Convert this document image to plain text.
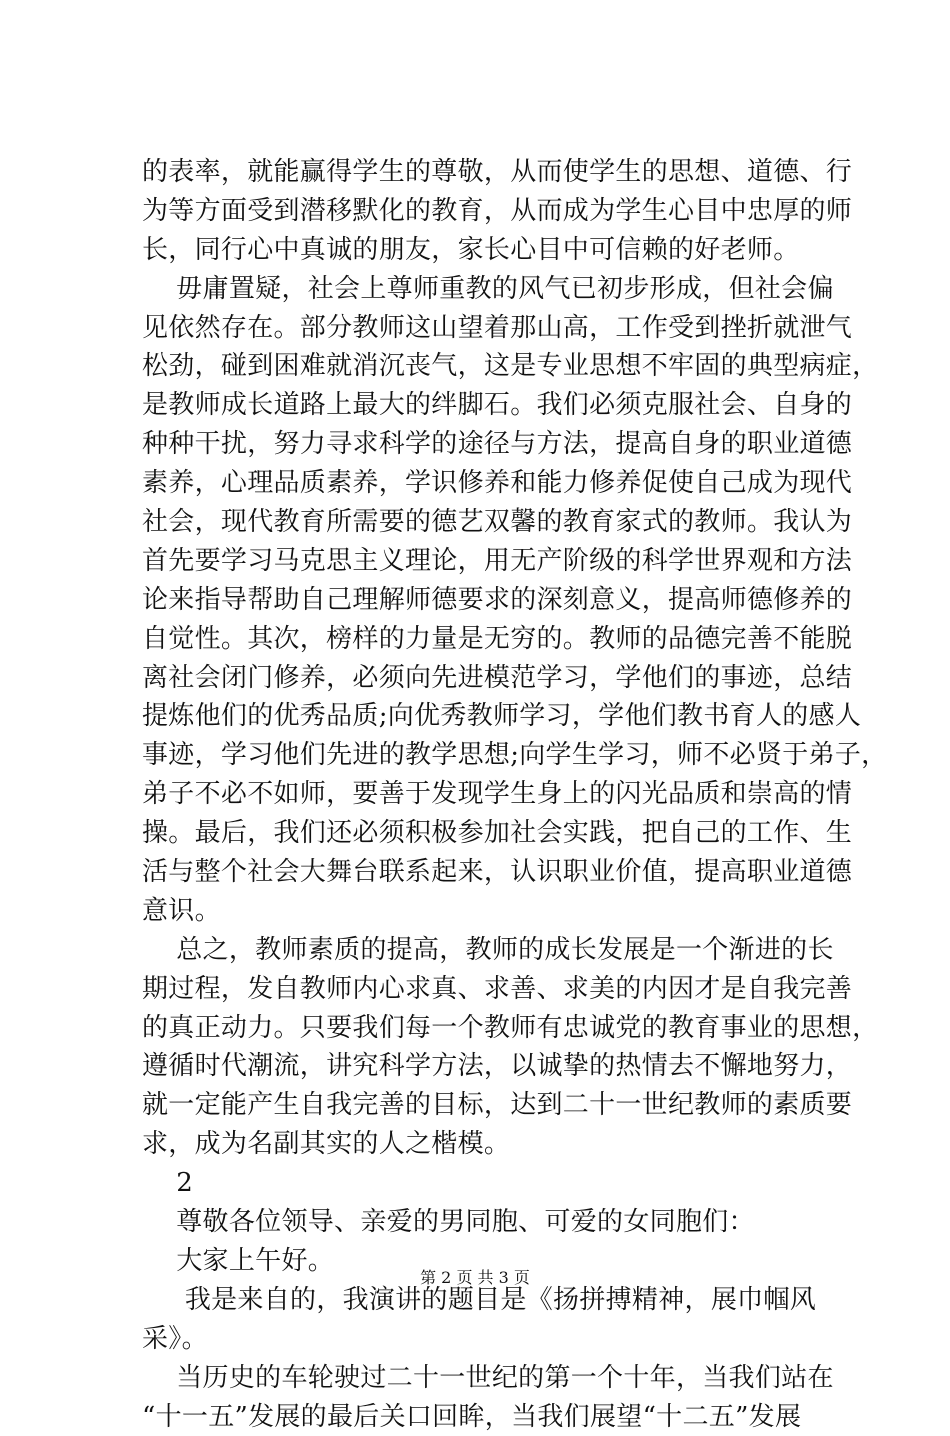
的表率，就能赢得学生的尊敬，从而使学生的思想、道德、行
为等方面受到潜移默化的教育，从而成为学生心目中忠厚的师
长，同行心中真诚的朋友，家长心目中可信赖的好老师。
毋庸置疑，社会上尊师重教的风气已初步形成，但社会偏
见依然存在。部分教师这山望着那山高，工作受到挫折就泄气
松劲，碰到困难就消沉丧气，这是专业思想不牢固的典型病症，
是教师成长道路上最大的绊脚石。我们必须克服社会、自身的
种种干扰，努力寻求科学的途径与方法，提高自身的职业道德
素养，心理品质素养，学识修养和能力修养促使自己成为现代
社会，现代教育所需要的德艺双馨的教育家式的教师。我认为
首先要学习马克思主义理论，用无产阶级的科学世界观和方法
论来指导帮助自己理解师德要求的深刻意义，提高师德修养的
自觉性。其次，榜样的力量是无穷的。教师的品德完善不能脱
离社会闭门修养，必须向先进模范学习，学他们的事迹，总结
提炼他们的优秀品质;向优秀教师学习，学他们教书育人的感人
事迹，学习他们先进的教学思想;向学生学习，师不必贤于弟子，
弟子不必不如师，要善于发现学生身上的闪光品质和崇高的情
操。最后，我们还必须积极参加社会实践，把自己的工作、生
活与整个社会大舞台联系起来，认识职业价值，提高职业道德
意识。
总之，教师素质的提高，教师的成长发展是一个渐进的长
期过程，发自教师内心求真、求善、求美的内因才是自我完善
的真正动力。只要我们每一个教师有忠诚党的教育事业的思想，
遵循时代潮流，讲究科学方法，以诚挚的热情去不懈地努力，
就一定能产生自我完善的目标，达到二十一世纪教师的素质要
求，成为名副其实的人之楷模。
2
尊敬各位领导、亲爱的男同胞、可爱的女同胞们：
大家上午好。
我是来自的，我演讲的题目是《扬拼搏精神，展巾帼风
采》。
当历史的车轮驶过二十一世纪的第一个十年，当我们站在
“十一五”发展的最后关口回眸，当我们展望“十二五”发展
第 2 页 共 3 页
